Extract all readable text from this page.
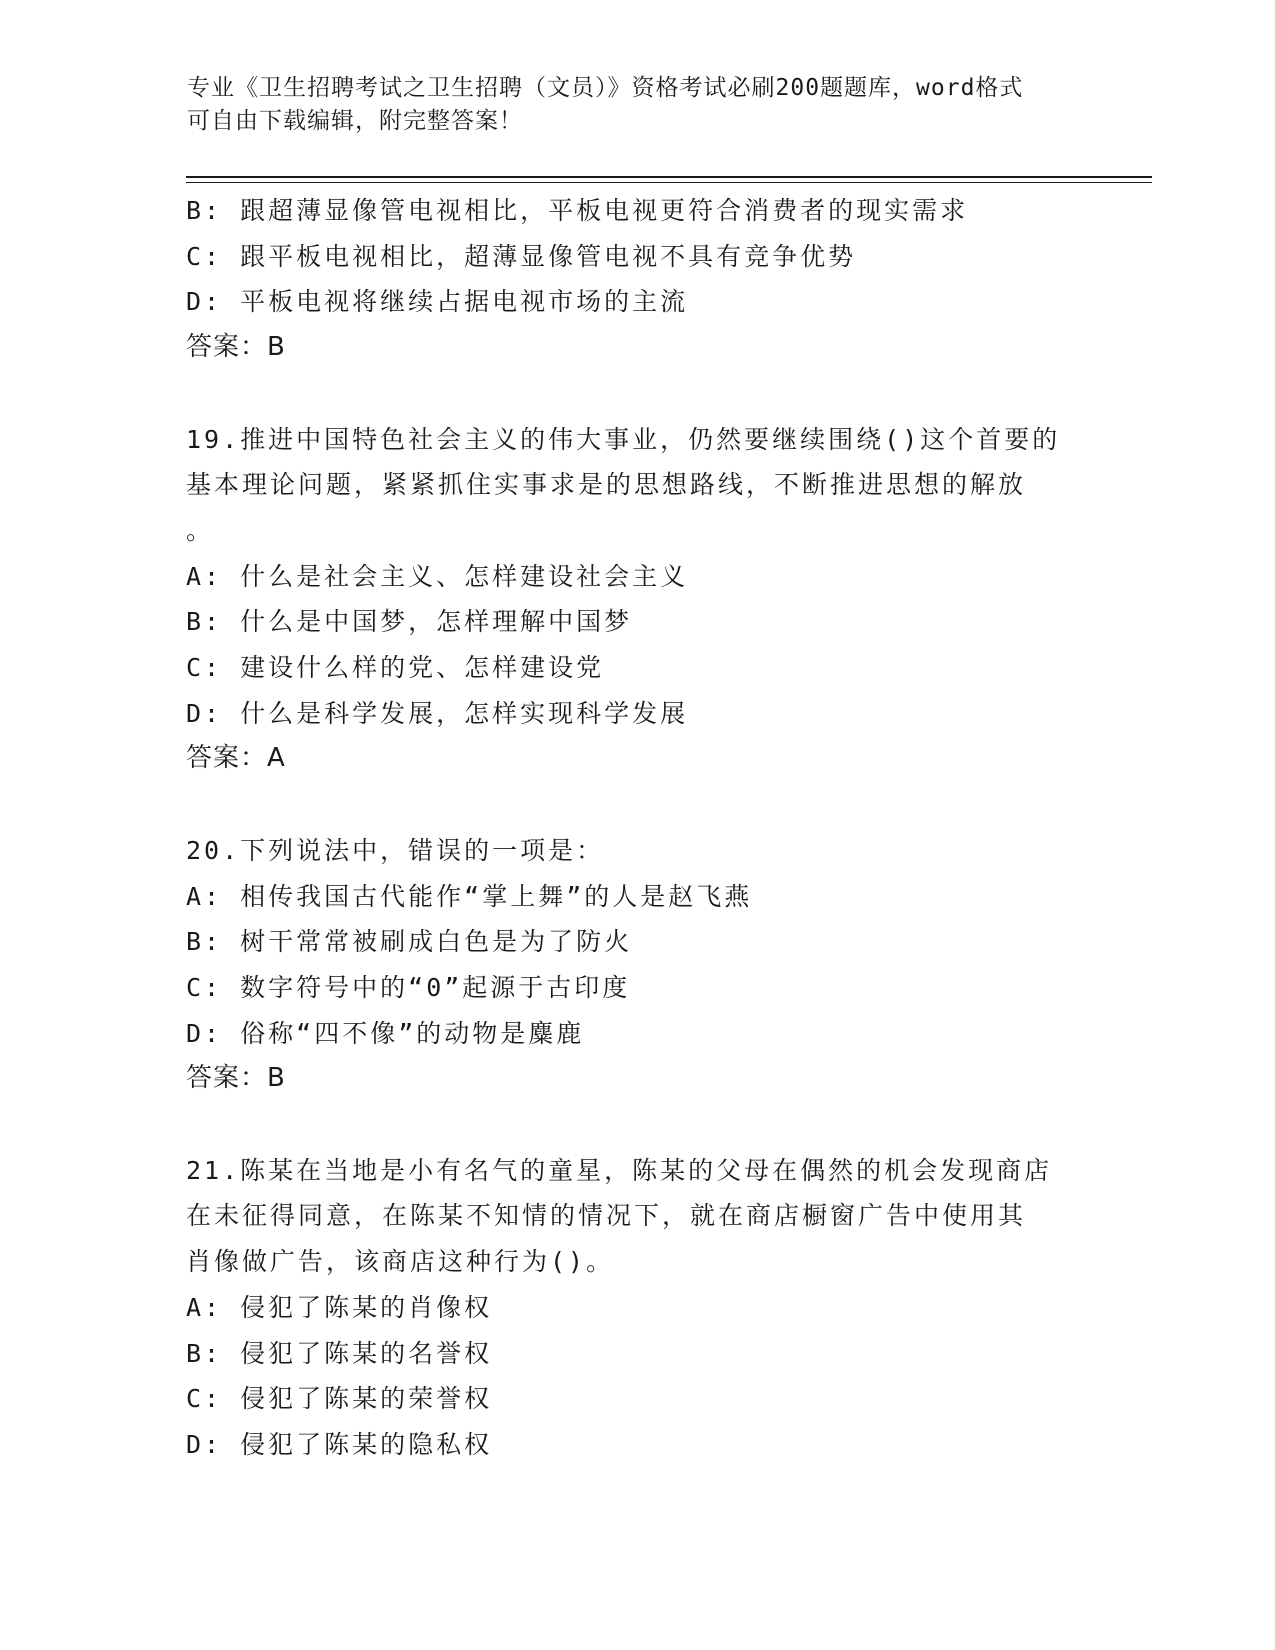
专业《卫生招聘考试之卫生招聘（文员）》资格考试必刷200题题库，word格式
可自由下载编辑，附完整答案！
B: 跟超薄显像管电视相比，平板电视更符合消费者的现实需求
C: 跟平板电视相比，超薄显像管电视不具有竞争优势
D: 平板电视将继续占据电视市场的主流
答案：B
19.推进中国特色社会主义的伟大事业，仍然要继续围绕()这个首要的
基本理论问题，紧紧抓住实事求是的思想路线，不断推进思想的解放
。
A: 什么是社会主义、怎样建设社会主义
B: 什么是中国梦，怎样理解中国梦
C: 建设什么样的党、怎样建设党
D: 什么是科学发展，怎样实现科学发展
答案：A
20.下列说法中，错误的一项是：
A: 相传我国古代能作“掌上舞”的人是赵飞燕
B: 树干常常被刷成白色是为了防火
C: 数字符号中的“0”起源于古印度
D: 俗称“四不像”的动物是麋鹿
答案：B
21.陈某在当地是小有名气的童星，陈某的父母在偶然的机会发现商店
在未征得同意，在陈某不知情的情况下，就在商店橱窗广告中使用其
肖像做广告，该商店这种行为()。
A: 侵犯了陈某的肖像权
B: 侵犯了陈某的名誉权
C: 侵犯了陈某的荣誉权
D: 侵犯了陈某的隐私权
